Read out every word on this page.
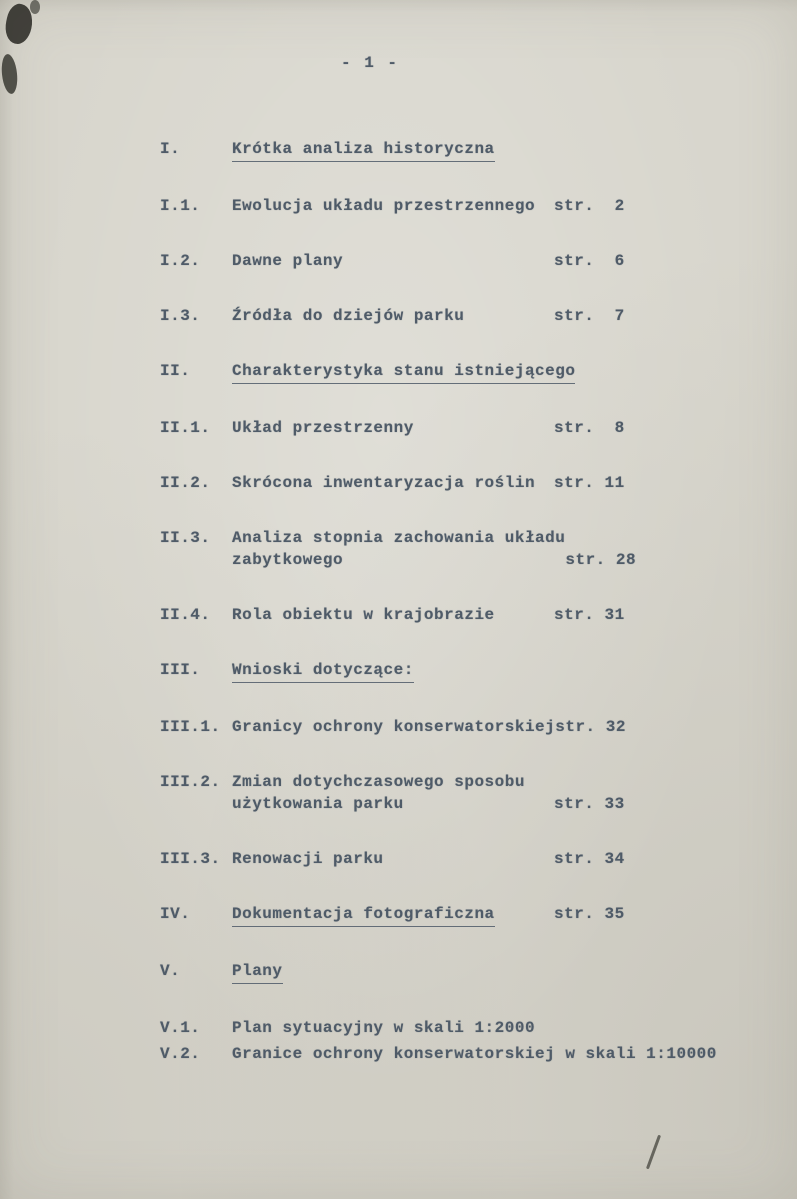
- 1 -
I.	Krótka analiza historyczna
I.1.	Ewolucja układu przestrzennego	str.  2
I.2.	Dawne plany	str.  6
I.3.	Źródła do dziejów parku	str.  7
II.	Charakterystyka stanu istniejącego
II.1.	Układ przestrzenny	str.  8
II.2.	Skrócona inwentaryzacja roślin	str. 11
II.3.	Analiza stopnia zachowania układu
zabytkowego	str. 28
II.4.	Rola obiektu w krajobrazie	str. 31
III.	Wnioski dotyczące:
III.1. Granicy ochrony konserwatorskiej str. 32
III.2. Zmian dotychczasowego sposobu
użytkowania parku	str. 33
III.3. Renowacji parku	str. 34
IV.	Dokumentacja fotograficzna	str. 35
V.	Plany
V.1.	Plan sytuacyjny w skali 1:2000
V.2.	Granice ochrony konserwatorskiej w skali 1:10000
